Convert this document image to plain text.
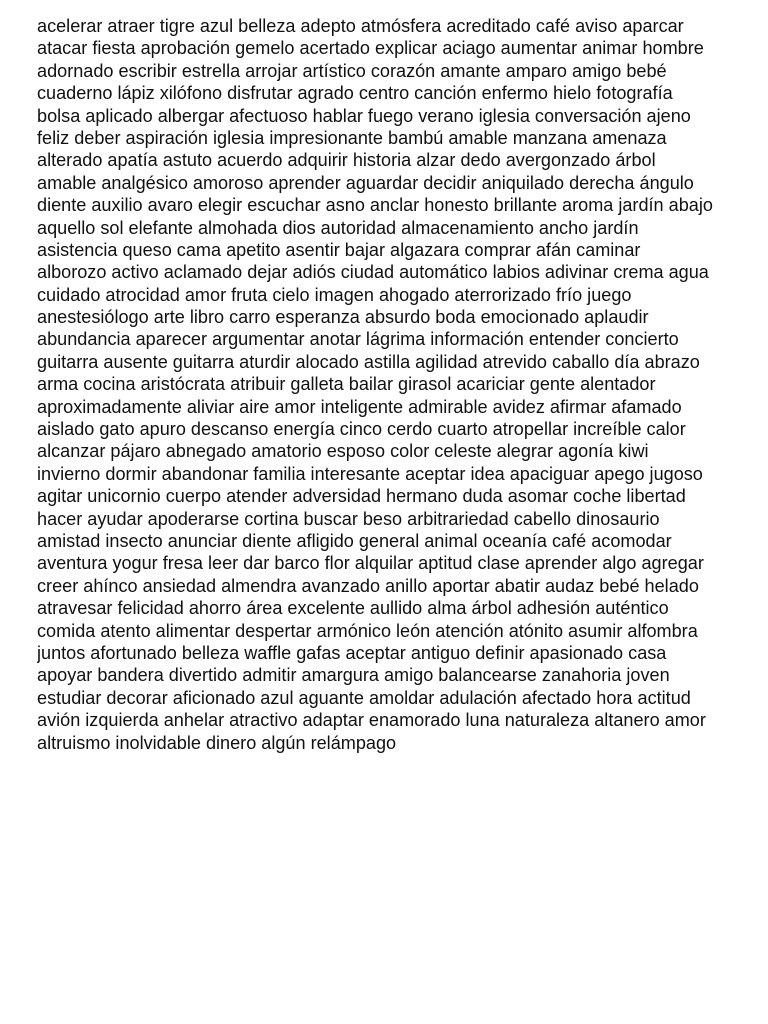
acelerar atraer tigre azul belleza adepto atmósfera acreditado café aviso aparcar
atacar fiesta aprobación gemelo acertado explicar aciago aumentar animar hombre
adornado escribir estrella arrojar artístico corazón amante amparo amigo bebé
cuaderno lápiz xilófono disfrutar agrado centro canción enfermo hielo fotografía
bolsa aplicado albergar afectuoso hablar fuego verano iglesia conversación ajeno
feliz deber aspiración iglesia impresionante bambú amable manzana amenaza
alterado apatía astuto acuerdo adquirir historia alzar dedo avergonzado árbol
amable analgésico amoroso aprender aguardar decidir aniquilado derecha ángulo
diente auxilio avaro elegir escuchar asno anclar honesto brillante aroma jardín abajo
aquello sol elefante almohada dios autoridad almacenamiento ancho jardín
asistencia queso cama apetito asentir bajar algazara comprar afán caminar
alborozo activo aclamado dejar adiós ciudad automático labios adivinar crema agua
cuidado atrocidad amor fruta cielo imagen ahogado aterrorizado frío juego
anestesiólogo arte libro carro esperanza absurdo boda emocionado aplaudir
abundancia aparecer argumentar anotar lágrima información entender concierto
guitarra ausente guitarra aturdir alocado astilla agilidad atrevido caballo día abrazo
arma cocina aristócrata atribuir galleta bailar girasol acariciar gente alentador
aproximadamente aliviar aire amor inteligente admirable avidez afirmar afamado
aislado gato apuro descanso energía cinco cerdo cuarto atropellar increíble calor
alcanzar pájaro abnegado amatorio esposo color celeste alegrar agonía kiwi
invierno dormir abandonar familia interesante aceptar idea apaciguar apego jugoso
agitar unicornio cuerpo atender adversidad hermano duda asomar coche libertad
hacer ayudar apoderarse cortina buscar beso arbitrariedad cabello dinosaurio
amistad insecto anunciar diente afligido general animal oceanía café acomodar
aventura yogur fresa leer dar barco flor alquilar aptitud clase aprender algo agregar
creer ahínco ansiedad almendra avanzado anillo aportar abatir audaz bebé helado
atravesar felicidad ahorro área excelente aullido alma árbol adhesión auténtico
comida atento alimentar despertar armónico león atención atónito asumir alfombra
juntos afortunado belleza waffle gafas aceptar antiguo definir apasionado casa
apoyar bandera divertido admitir amargura amigo balancearse zanahoria joven
estudiar decorar aficionado azul aguante amoldar adulación afectado hora actitud
avión izquierda anhelar atractivo adaptar enamorado luna naturaleza altanero amor
altruismo inolvidable dinero algún relámpago
